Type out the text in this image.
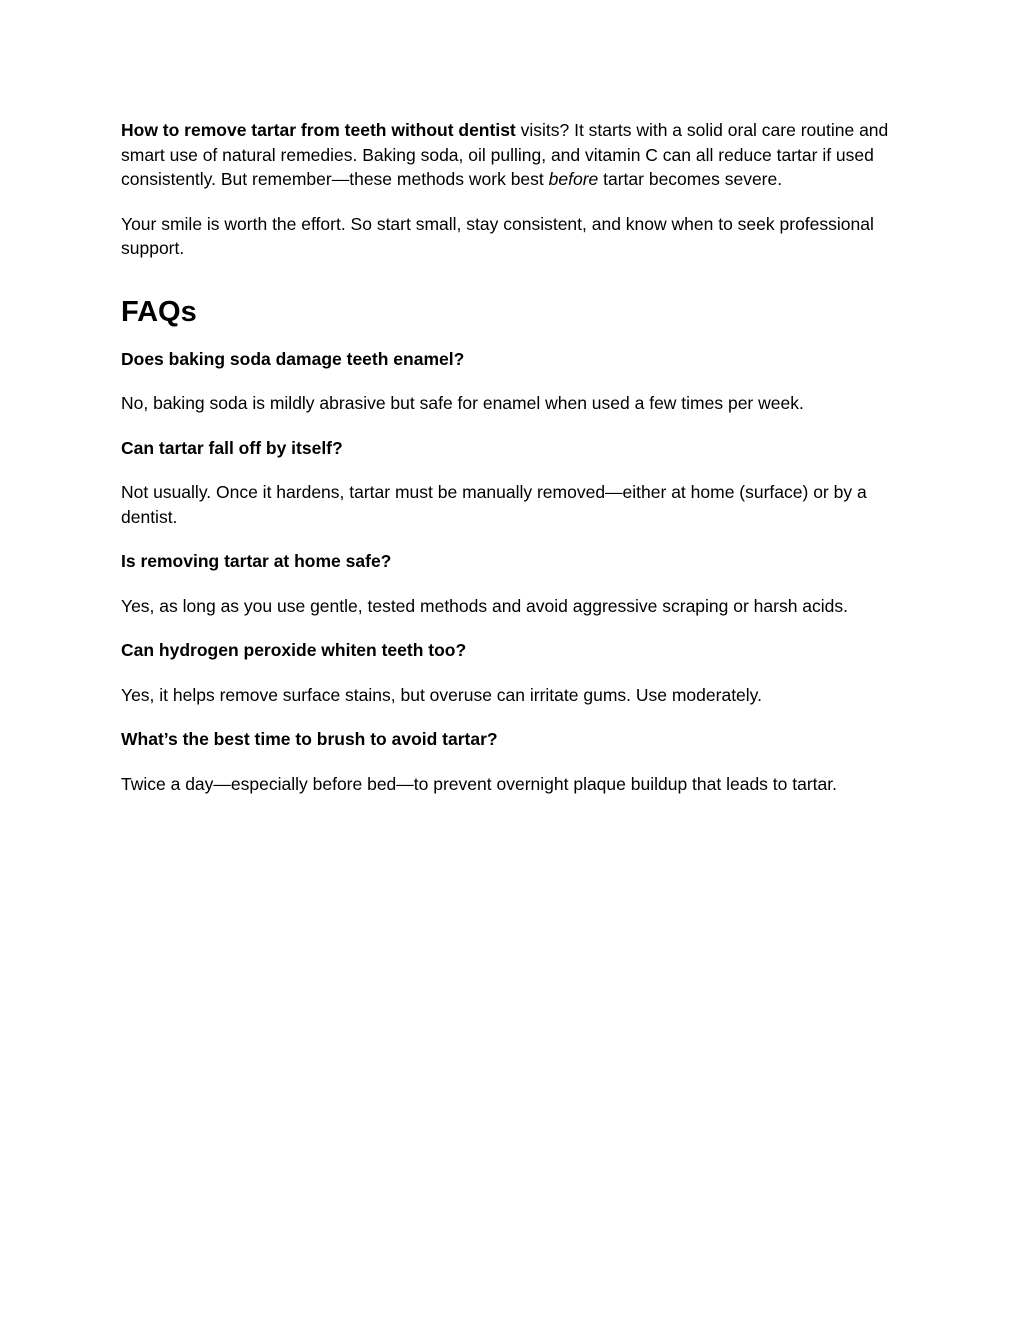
How to remove tartar from teeth without dentist visits? It starts with a solid oral care routine and smart use of natural remedies. Baking soda, oil pulling, and vitamin C can all reduce tartar if used consistently. But remember—these methods work best before tartar becomes severe.

Your smile is worth the effort. So start small, stay consistent, and know when to seek professional support.

FAQs

Does baking soda damage teeth enamel?

No, baking soda is mildly abrasive but safe for enamel when used a few times per week.

Can tartar fall off by itself?

Not usually. Once it hardens, tartar must be manually removed—either at home (surface) or by a dentist.

Is removing tartar at home safe?

Yes, as long as you use gentle, tested methods and avoid aggressive scraping or harsh acids.

Can hydrogen peroxide whiten teeth too?

Yes, it helps remove surface stains, but overuse can irritate gums. Use moderately.

What’s the best time to brush to avoid tartar?

Twice a day—especially before bed—to prevent overnight plaque buildup that leads to tartar.
